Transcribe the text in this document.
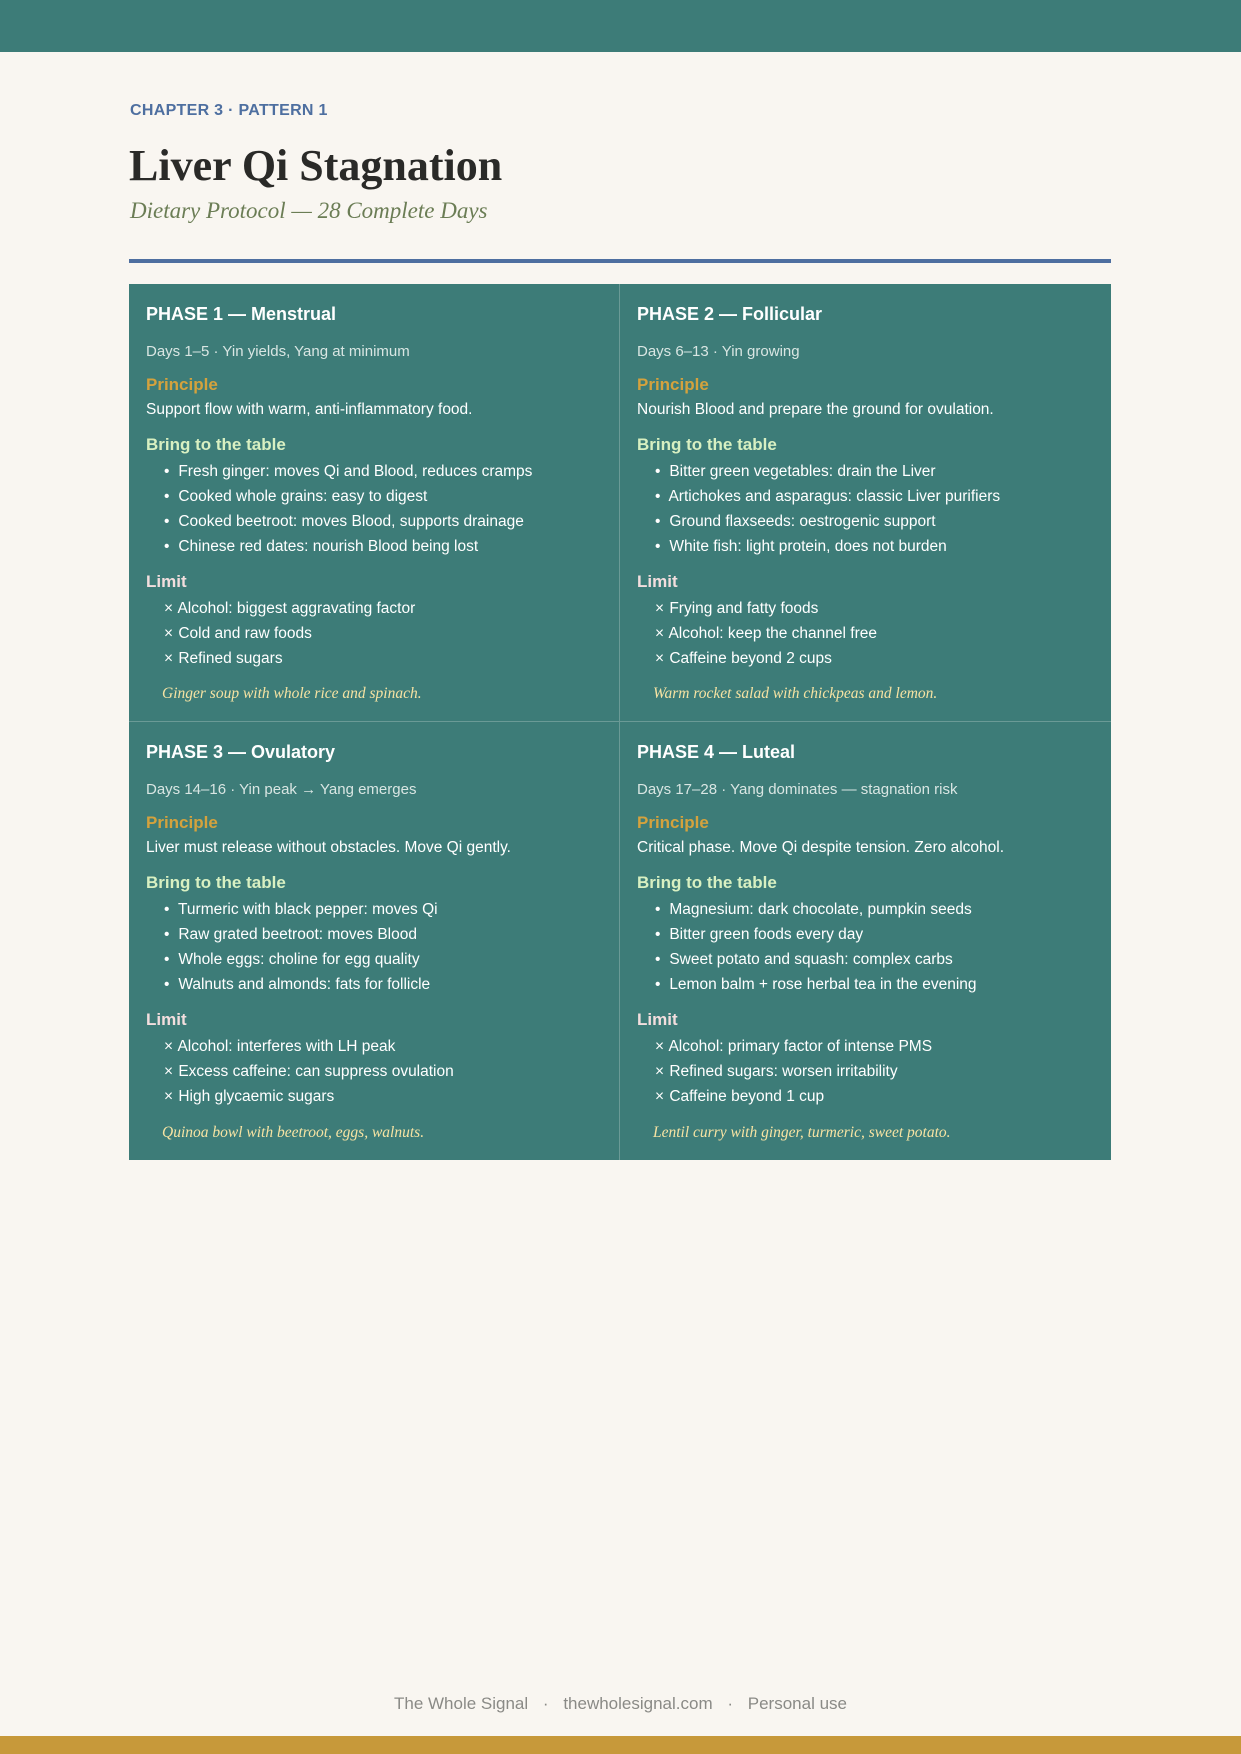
CHAPTER 3 · PATTERN 1
Liver Qi Stagnation
Dietary Protocol — 28 Complete Days
PHASE 1 — Menstrual
Days 1–5 · Yin yields, Yang at minimum
Principle
Support flow with warm, anti-inflammatory food.
Bring to the table
• Fresh ginger: moves Qi and Blood, reduces cramps
• Cooked whole grains: easy to digest
• Cooked beetroot: moves Blood, supports drainage
• Chinese red dates: nourish Blood being lost
Limit
× Alcohol: biggest aggravating factor
× Cold and raw foods
× Refined sugars
Ginger soup with whole rice and spinach.
PHASE 2 — Follicular
Days 6–13 · Yin growing
Principle
Nourish Blood and prepare the ground for ovulation.
Bring to the table
• Bitter green vegetables: drain the Liver
• Artichokes and asparagus: classic Liver purifiers
• Ground flaxseeds: oestrogenic support
• White fish: light protein, does not burden
Limit
× Frying and fatty foods
× Alcohol: keep the channel free
× Caffeine beyond 2 cups
Warm rocket salad with chickpeas and lemon.
PHASE 3 — Ovulatory
Days 14–16 · Yin peak → Yang emerges
Principle
Liver must release without obstacles. Move Qi gently.
Bring to the table
• Turmeric with black pepper: moves Qi
• Raw grated beetroot: moves Blood
• Whole eggs: choline for egg quality
• Walnuts and almonds: fats for follicle
Limit
× Alcohol: interferes with LH peak
× Excess caffeine: can suppress ovulation
× High glycaemic sugars
Quinoa bowl with beetroot, eggs, walnuts.
PHASE 4 — Luteal
Days 17–28 · Yang dominates — stagnation risk
Principle
Critical phase. Move Qi despite tension. Zero alcohol.
Bring to the table
• Magnesium: dark chocolate, pumpkin seeds
• Bitter green foods every day
• Sweet potato and squash: complex carbs
• Lemon balm + rose herbal tea in the evening
Limit
× Alcohol: primary factor of intense PMS
× Refined sugars: worsen irritability
× Caffeine beyond 1 cup
Lentil curry with ginger, turmeric, sweet potato.
The Whole Signal · thewholesignal.com · Personal use
